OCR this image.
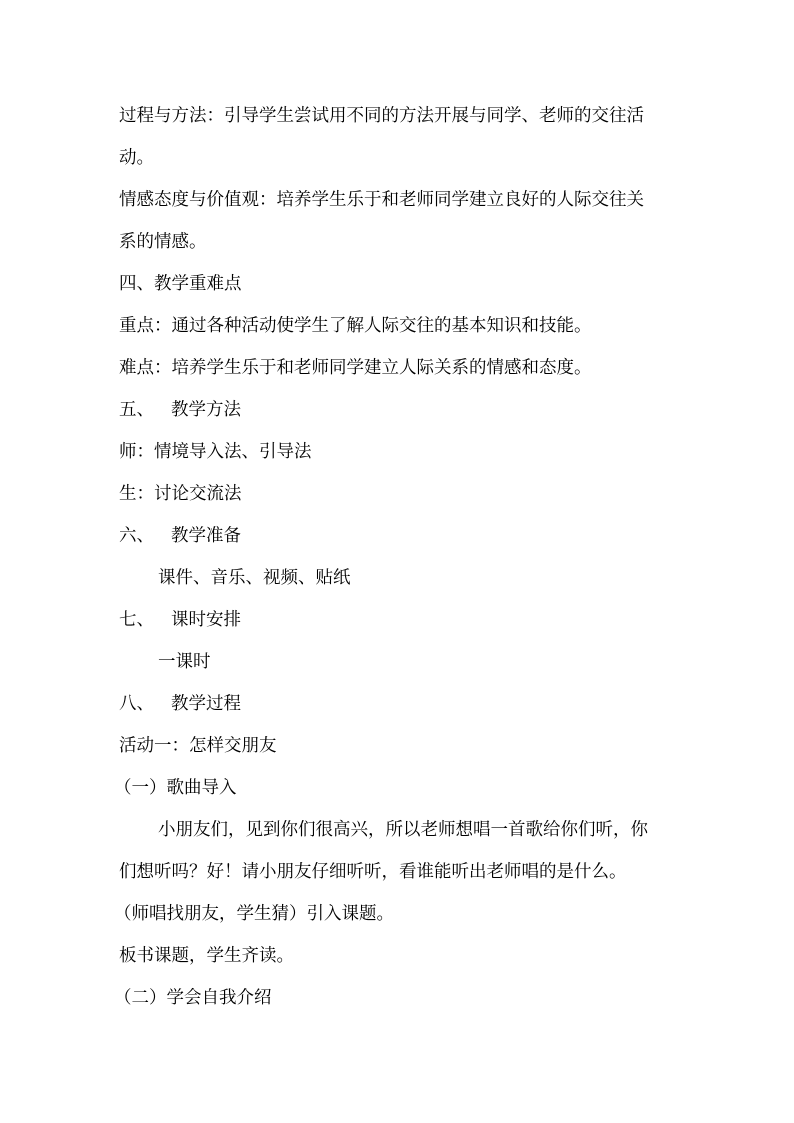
过程与方法：引导学生尝试用不同的方法开展与同学、老师的交往活
动。
情感态度与价值观：培养学生乐于和老师同学建立良好的人际交往关
系的情感。
四、教学重难点
重点：通过各种活动使学生了解人际交往的基本知识和技能。
难点：培养学生乐于和老师同学建立人际关系的情感和态度。
五、 教学方法
师：情境导入法、引导法
生：讨论交流法
六、 教学准备
课件、音乐、视频、贴纸
七、 课时安排
一课时
八、 教学过程
活动一：怎样交朋友
（一）歌曲导入
小朋友们，见到你们很高兴，所以老师想唱一首歌给你们听，你
们想听吗？好！请小朋友仔细听听，看谁能听出老师唱的是什么。
（师唱找朋友，学生猜）引入课题。
板书课题，学生齐读。
（二）学会自我介绍
